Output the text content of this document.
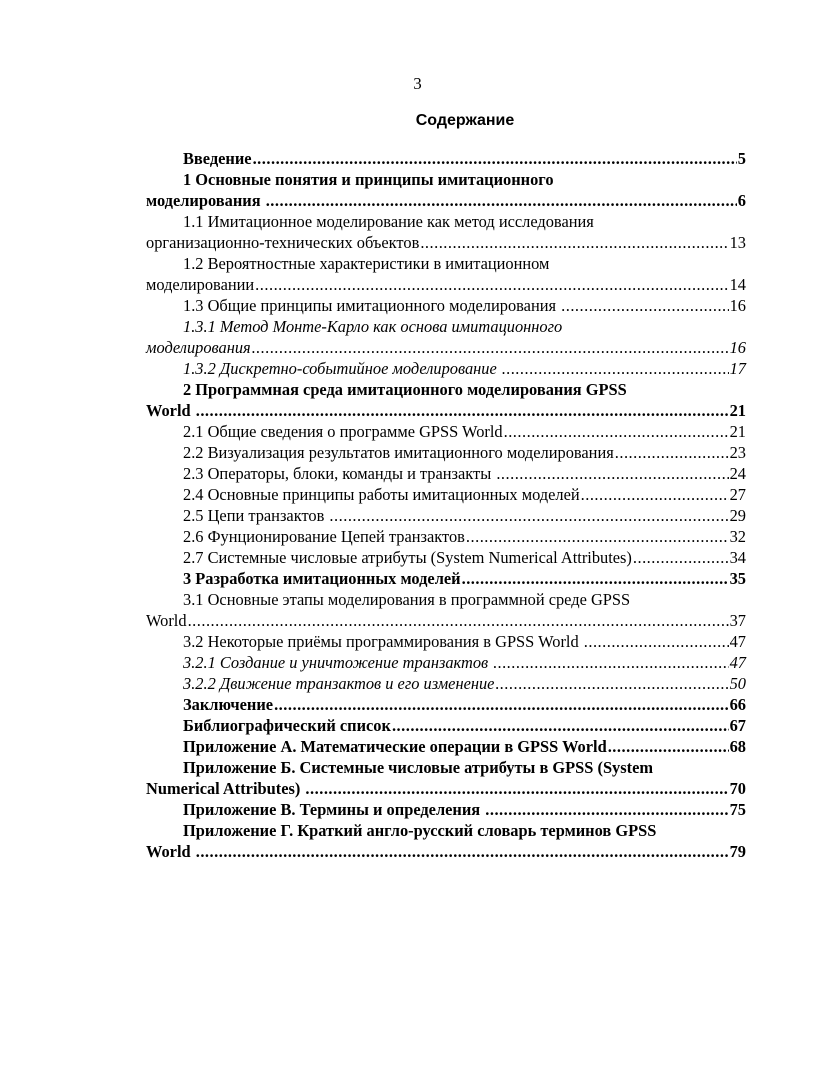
3
Содержание
Введение .....	5
1 Основные понятия и принципы имитационного
моделирования .....	6
1.1 Имитационное моделирование как метод исследования
организационно-технических объектов .....	13
1.2 Вероятностные характеристики в имитационном
моделировании .....	14
1.3 Общие принципы имитационного моделирования .....	16
1.3.1 Метод Монте-Карло как основа имитационного
моделирования .....	16
1.3.2 Дискретно-событийное моделирование .....	17
2 Программная среда имитационного моделирования GPSS
World .....	21
2.1 Общие сведения о программе GPSS World .....	21
2.2 Визуализация результатов имитационного моделирования .....	23
2.3 Операторы, блоки, команды и транзакты .....	24
2.4 Основные принципы работы имитационных моделей .....	27
2.5 Цепи транзактов .....	29
2.6 Фунционирование Цепей транзактов .....	32
2.7 Системные числовые атрибуты (System Numerical Attributes) .....	34
3 Разработка имитационных моделей .....	35
3.1 Основные этапы моделирования в программной среде GPSS
World .....	37
3.2 Некоторые приёмы программирования в GPSS World .....	47
3.2.1 Создание и уничтожение транзактов .....	47
3.2.2 Движение транзактов и его изменение .....	50
Заключение .....	66
Библиографический список .....	67
Приложение А. Математические операции в GPSS World .....	68
Приложение Б. Системные числовые атрибуты в GPSS (System
Numerical Attributes) .....	70
Приложение В. Термины и определения .....	75
Приложение Г. Краткий англо-русский словарь терминов GPSS
World .....	79
